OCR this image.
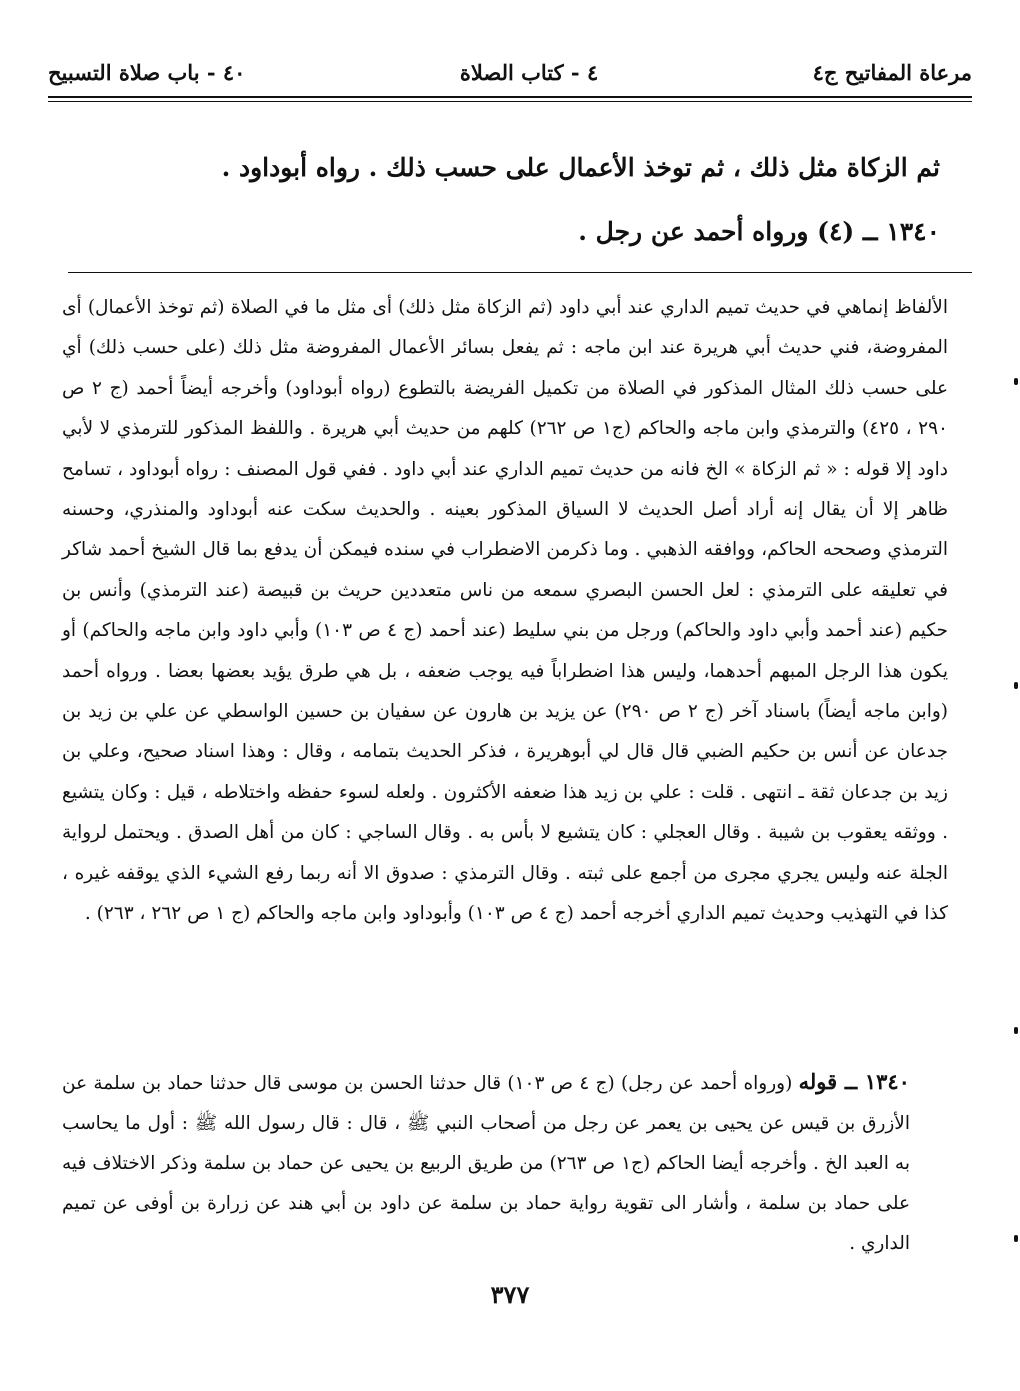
مرعاة المفاتيح ج٤
٤ - كتاب الصلاة
٤٠ - باب صلاة التسبيح
ثم الزكاة مثل ذلك ، ثم توخذ الأعمال على حسب ذلك . رواه أبوداود .
١٣٤٠ ــ (٤) ورواه أحمد عن رجل .

الألفاظ إنماهي في حديث تميم الداري عند أبي داود (ثم الزكاة مثل ذلك) أى مثل ما في الصلاة (ثم توخذ الأعمال) أى المفروضة، فني حديث أبي هريرة عند ابن ماجه : ثم يفعل بسائر الأعمال المفروضة مثل ذلك (على حسب ذلك) أي على حسب ذلك المثال المذكور في الصلاة من تكميل الفريضة بالتطوع (رواه أبوداود) وأخرجه أيضاً أحمد (ج ٢ ص ٢٩٠ ، ٤٢٥) والترمذي وابن ماجه والحاكم (ج١ ص ٢٦٢) كلهم من حديث أبي هريرة . واللفظ المذكور للترمذي لا لأبي داود إلا قوله : « ثم الزكاة » الخ فانه من حديث تميم الداري عند أبي داود . ففي قول المصنف : رواه أبوداود ، تسامح ظاهر إلا أن يقال إنه أراد أصل الحديث لا السياق المذكور بعينه . والحديث سكت عنه أبوداود والمنذري، وحسنه الترمذي وصححه الحاكم، ووافقه الذهبي . وما ذكرمن الاضطراب في سنده فيمكن أن يدفع بما قال الشيخ أحمد شاكر في تعليقه على الترمذي : لعل الحسن البصري سمعه من ناس متعددين حريث بن قبيصة (عند الترمذي) وأنس بن حكيم (عند أحمد وأبي داود والحاكم) ورجل من بني سليط (عند أحمد (ج ٤ ص ١٠٣) وأبي داود وابن ماجه والحاكم) أو يكون هذا الرجل المبهم أحدهما، وليس هذا اضطراباً فيه يوجب ضعفه ، بل هي طرق يؤيد بعضها بعضا . ورواه أحمد (وابن ماجه أيضاً) باسناد آخر (ج ٢ ص ٢٩٠) عن يزيد بن هارون عن سفيان بن حسين الواسطي عن علي بن زيد بن جدعان عن أنس بن حكيم الضبي قال قال لي أبوهريرة ، فذكر الحديث بتمامه ، وقال : وهذا اسناد صحيح، وعلي بن زيد بن جدعان ثقة ـ انتهى . قلت : علي بن زيد هذا ضعفه الأكثرون . ولعله لسوء حفظه واختلاطه ، قيل : وكان يتشيع . ووثقه يعقوب بن شيبة . وقال العجلي : كان يتشيع لا بأس به . وقال الساجي : كان من أهل الصدق . ويحتمل لرواية الجلة عنه وليس يجري مجرى من أجمع على ثبته . وقال الترمذي : صدوق الا أنه ربما رفع الشيء الذي يوقفه غيره ، كذا في التهذيب وحديث تميم الداري أخرجه أحمد (ج ٤ ص ١٠٣) وأبوداود وابن ماجه والحاكم (ج ١ ص ٢٦٢ ، ٢٦٣) .

١٣٤٠ ــ قوله (ورواه أحمد عن رجل) (ج ٤ ص ١٠٣) قال حدثنا الحسن بن موسى قال حدثنا حماد بن سلمة عن الأزرق بن قيس عن يحيى بن يعمر عن رجل من أصحاب النبي ﷺ ، قال : قال رسول الله ﷺ : أول ما يحاسب به العبد الخ . وأخرجه أيضا الحاكم (ج١ ص ٢٦٣) من طريق الربيع بن يحيى عن حماد بن سلمة وذكر الاختلاف فيه على حماد بن سلمة ، وأشار الى تقوية رواية حماد بن سلمة عن داود بن أبي هند عن زرارة بن أوفى عن تميم الداري .

٣٧٧
